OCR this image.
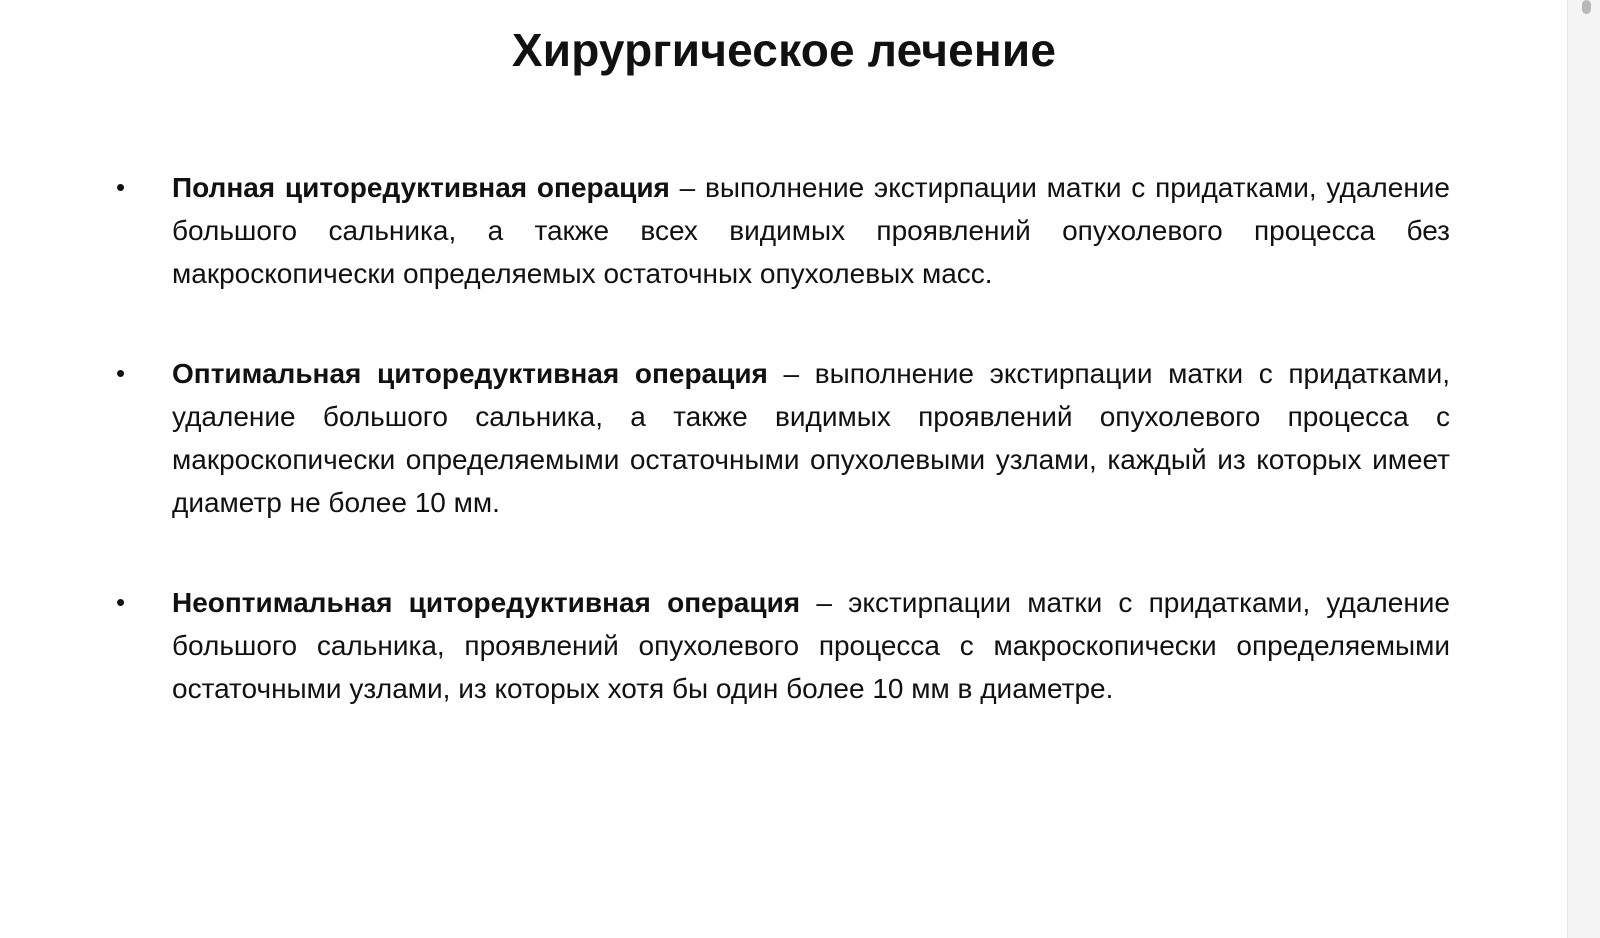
Хирургическое лечение
• Полная циторедуктивная операция – выполнение экстирпации матки с придатками, удаление большого сальника, а также всех видимых проявлений опухолевого процесса без макроскопически определяемых остаточных опухолевых масс.
• Оптимальная циторедуктивная операция – выполнение экстирпации матки с придатками, удаление большого сальника, а также видимых проявлений опухолевого процесса с макроскопически определяемыми остаточными опухолевыми узлами, каждый из которых имеет диаметр не более 10 мм.
• Неоптимальная циторедуктивная операция – экстирпации матки с придатками, удаление большого сальника, проявлений опухолевого процесса с макроскопически определяемыми остаточными узлами, из которых хотя бы один более 10 мм в диаметре.
